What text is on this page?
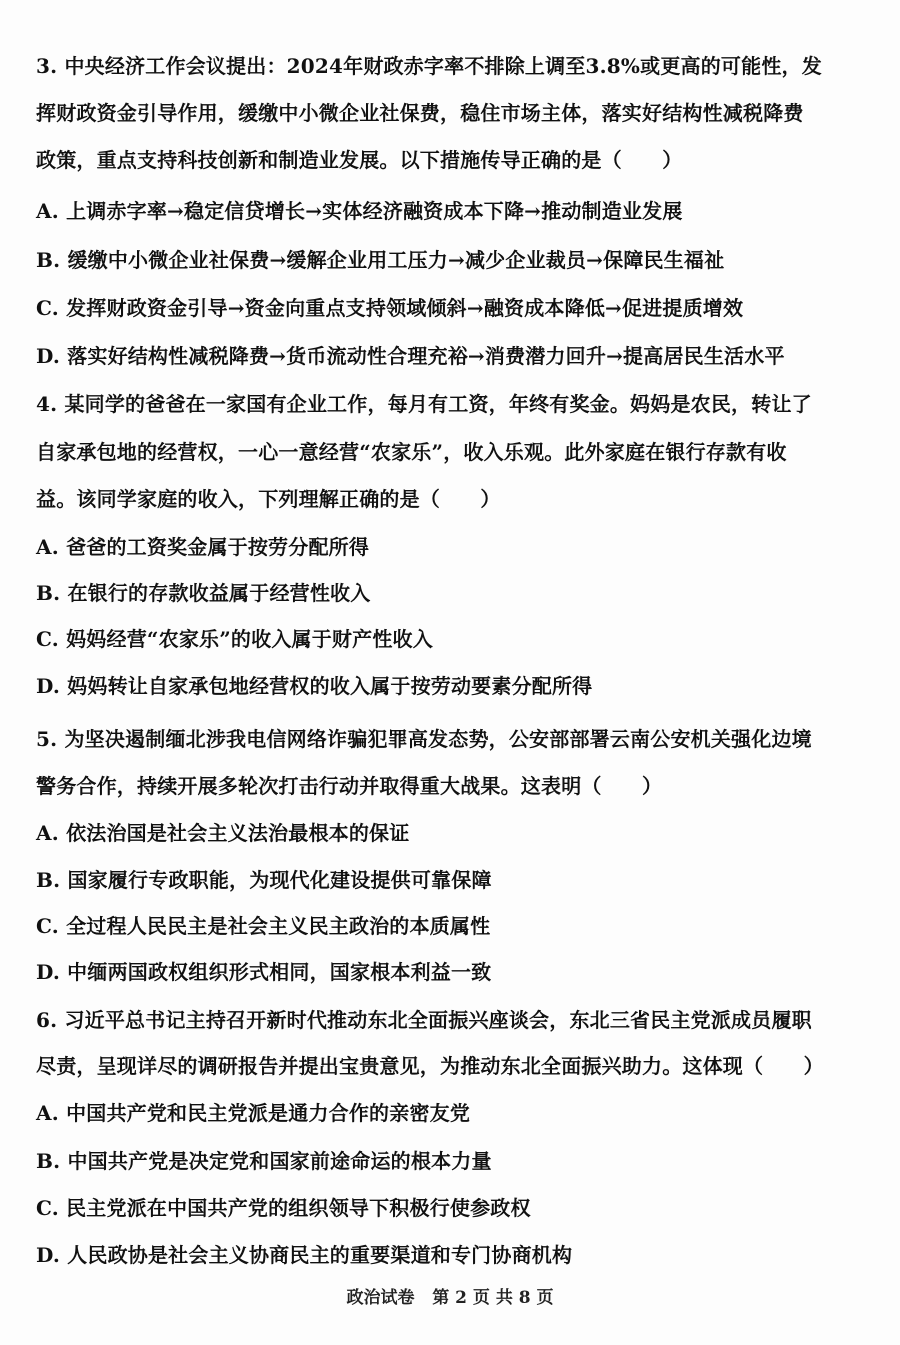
3. 中央经济工作会议提出：2024年财政赤字率不排除上调至3.8%或更高的可能性，发
挥财政资金引导作用，缓缴中小微企业社保费，稳住市场主体，落实好结构性减税降费
政策，重点支持科技创新和制造业发展。以下措施传导正确的是（　　）
A. 上调赤字率→稳定信贷增长→实体经济融资成本下降→推动制造业发展
B. 缓缴中小微企业社保费→缓解企业用工压力→减少企业裁员→保障民生福祉
C. 发挥财政资金引导→资金向重点支持领域倾斜→融资成本降低→促进提质增效
D. 落实好结构性减税降费→货币流动性合理充裕→消费潜力回升→提高居民生活水平
4. 某同学的爸爸在一家国有企业工作，每月有工资，年终有奖金。妈妈是农民，转让了
自家承包地的经营权，一心一意经营“农家乐”，收入乐观。此外家庭在银行存款有收
益。该同学家庭的收入，下列理解正确的是（　　）
A. 爸爸的工资奖金属于按劳分配所得
B. 在银行的存款收益属于经营性收入
C. 妈妈经营“农家乐”的收入属于财产性收入
D. 妈妈转让自家承包地经营权的收入属于按劳动要素分配所得
5. 为坚决遏制缅北涉我电信网络诈骗犯罪高发态势，公安部部署云南公安机关强化边境
警务合作，持续开展多轮次打击行动并取得重大战果。这表明（　　）
A. 依法治国是社会主义法治最根本的保证
B. 国家履行专政职能，为现代化建设提供可靠保障
C. 全过程人民民主是社会主义民主政治的本质属性
D. 中缅两国政权组织形式相同，国家根本利益一致
6. 习近平总书记主持召开新时代推动东北全面振兴座谈会，东北三省民主党派成员履职
尽责，呈现详尽的调研报告并提出宝贵意见，为推动东北全面振兴助力。这体现（　　）
A. 中国共产党和民主党派是通力合作的亲密友党
B. 中国共产党是决定党和国家前途命运的根本力量
C. 民主党派在中国共产党的组织领导下积极行使参政权
D. 人民政协是社会主义协商民主的重要渠道和专门协商机构
政治试卷 第 2 页 共 8 页
